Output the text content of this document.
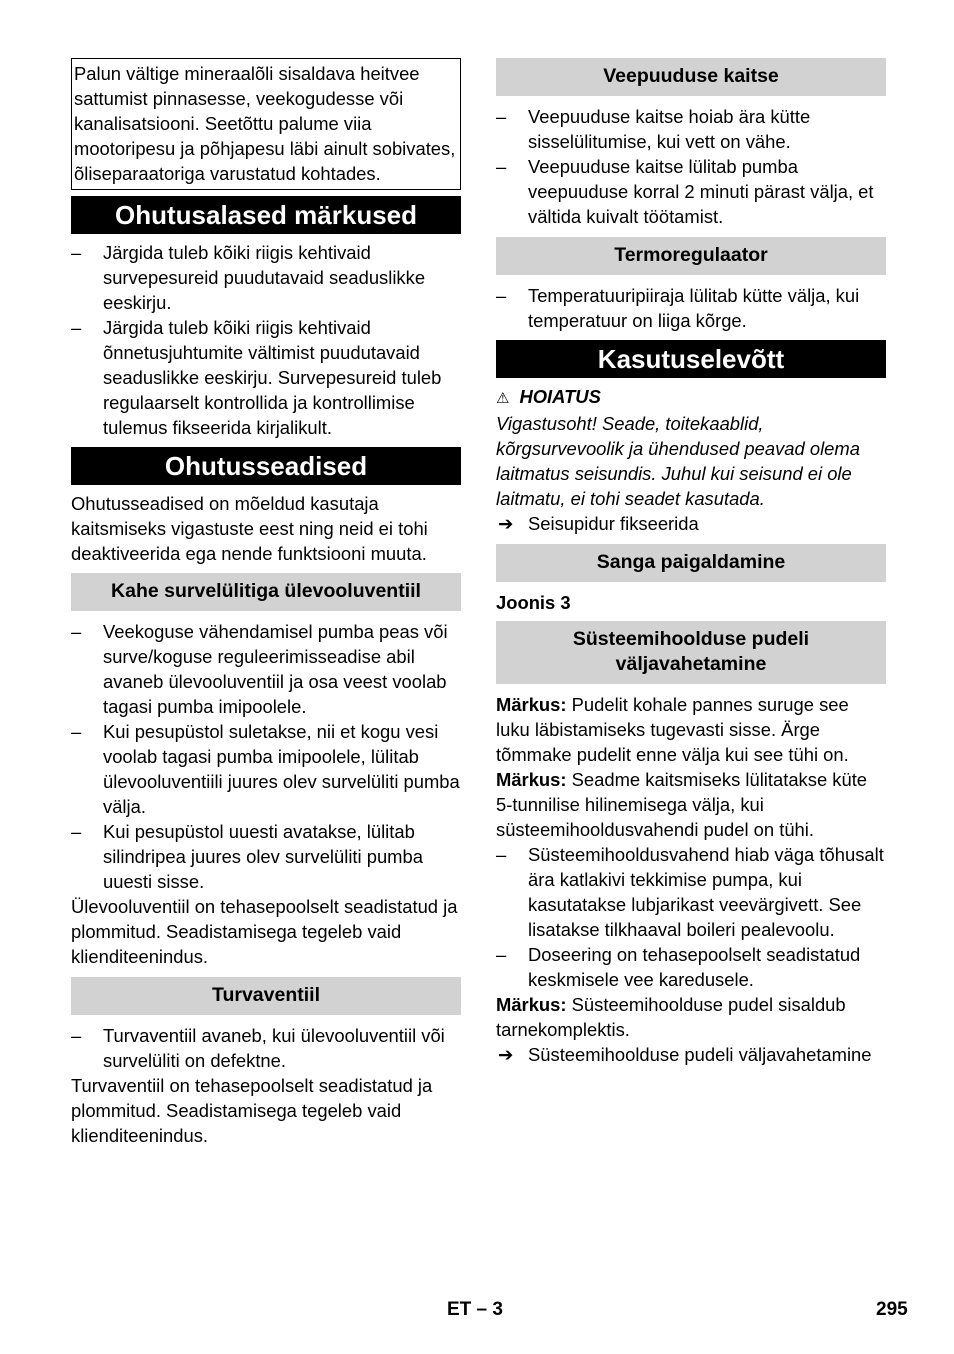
Palun vältige mineraalõli sisaldava heitvee sattumist pinnasesse, veekogudesse või kanalisatsiooni. Seetõttu palume viia mootoripesu ja põhjapesu läbi ainult sobivates, õliseparaatoriga varustatud kohtades.

Ohutusalased märkused
– Järgida tuleb kõiki riigis kehtivaid survepesureid puudutavaid seaduslikke eeskirju.
– Järgida tuleb kõiki riigis kehtivaid õnnetusjuhtumite vältimist puudutavaid seaduslikke eeskirju. Survepesureid tuleb regulaarselt kontrollida ja kontrollimise tulemus fikseerida kirjalikult.
Ohutusseadised

Ohutusseadised on mõeldud kasutaja kaitsmiseks vigastuste eest ning neid ei tohi deaktiveerida ega nende funktsiooni muuta.

Kahe survelülitiga ülevooluventiil
– Veekoguse vähendamisel pumba peas või surve/koguse reguleerimisseadise abil avaneb ülevooluventiil ja osa veest voolab tagasi pumba imipoolele.
– Kui pesupüstol suletakse, nii et kogu vesi voolab tagasi pumba imipoolele, lülitab ülevooluventiili juures olev survelüliti pumba välja.
– Kui pesupüstol uuesti avatakse, lülitab silindripea juures olev survelüliti pumba uuesti sisse.

Ülevooluventiil on tehasepoolselt seadistatud ja plommitud. Seadistamisega tegeleb vaid klienditeenindus.

Turvaventiil
– Turvaventiil avaneb, kui ülevooluventiil või survelüliti on defektne.

Turvaventiil on tehasepoolselt seadistatud ja plommitud. Seadistamisega tegeleb vaid klienditeenindus.

Veepuuduse kaitse
– Veepuuduse kaitse hoiab ära kütte sisselülitumise, kui vett on vähe.
– Veepuuduse kaitse lülitab pumba veepuuduse korral 2 minuti pärast välja, et vältida kuivalt töötamist.
Termoregulaator
– Temperatuuripiiraja lülitab kütte välja, kui temperatuur on liiga kõrge.
Kasutuselevõtt

⚠ HOIATUS

Vigastusoht! Seade, toitekaablid, kõrgsurvevoolik ja ühendused peavad olema laitmatus seisundis. Juhul kui seisund ei ole laitmatu, ei tohi seadet kasutada.

➔ Seisupidur fikseerida

Sanga paigaldamine

Joonis 3

Süsteemihoolduse pudeli väljavahetamine

Märkus: Pudelit kohale pannes suruge see luku läbistamiseks tugevasti sisse. Ärge tõmmake pudelit enne välja kui see tühi on.

Märkus: Seadme kaitsmiseks lülitatakse küte 5-tunnilise hilinemisega välja, kui süsteemihooldusvahendi pudel on tühi.

– Süsteemihooldusvahend hiab väga tõhusalt ära katlakivi tekkimise pumpa, kui kasutatakse lubjarikast veevärgivett. See lisatakse tilkhaaval boileri pealevoolu.
– Doseering on tehasepoolselt seadistatud keskmisele vee karedusele.

Märkus: Süsteemihoolduse pudel sisaldub tarnekomplektis.

➔ Süsteemihoolduse pudeli väljavahetamine

ET – 3	295
